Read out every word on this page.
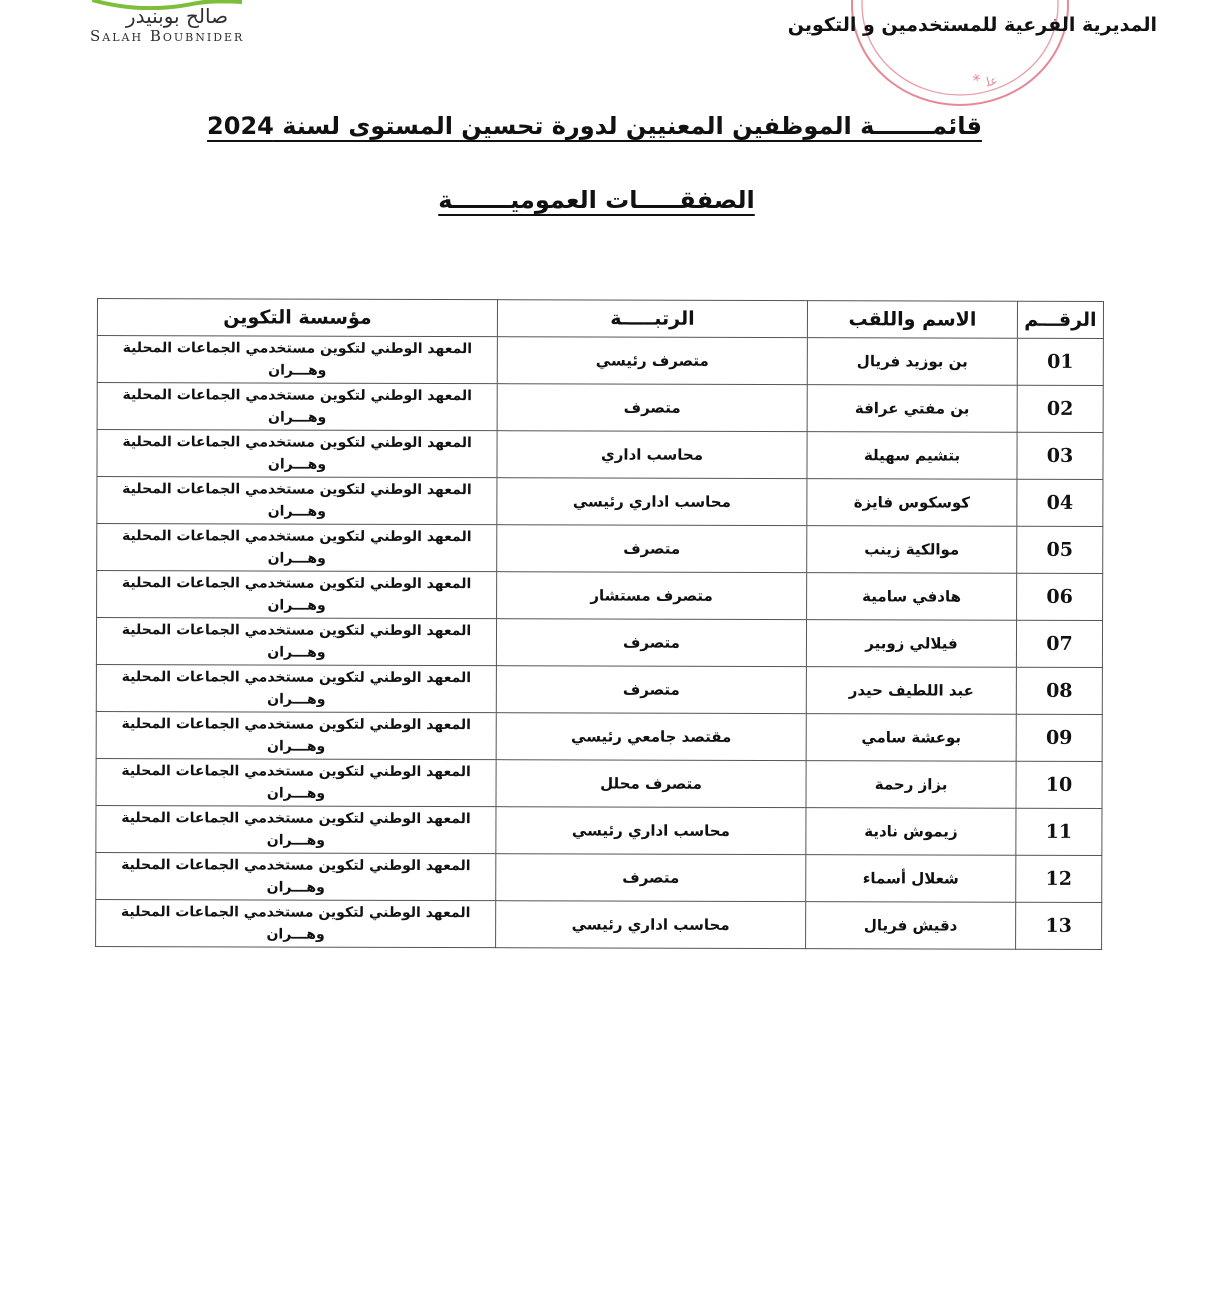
صالح بوبنيدر
Salah Boubnider
* ﻋﻠ
المديرية الفرعية للمستخدمين و التكوين
قائمـــــــة الموظفين المعنيين لدورة تحسين المستوى لسنة 2024
الصفقـــــات العموميـــــــة
الرقـــم	الاسم واللقب	الرتبـــــة	مؤسسة التكوين
01	بن بوزيد فريال	متصرف رئيسي	المعهد الوطني لتكوين مستخدمي الجماعات المحلية
وهـــران

02	بن مفتي عرافة	متصرف	المعهد الوطني لتكوين مستخدمي الجماعات المحلية
وهـــران

03	بتشيم سهيلة	محاسب اداري	المعهد الوطني لتكوين مستخدمي الجماعات المحلية
وهـــران

04	كوسكوس فايزة	محاسب اداري رئيسي	المعهد الوطني لتكوين مستخدمي الجماعات المحلية
وهـــران

05	موالكية زينب	متصرف	المعهد الوطني لتكوين مستخدمي الجماعات المحلية
وهـــران

06	هادفي سامية	متصرف مستشار	المعهد الوطني لتكوين مستخدمي الجماعات المحلية
وهـــران

07	فيلالي زوبير	متصرف	المعهد الوطني لتكوين مستخدمي الجماعات المحلية
وهـــران

08	عبد اللطيف حيدر	متصرف	المعهد الوطني لتكوين مستخدمي الجماعات المحلية
وهـــران

09	بوعشة سامي	مقتصد جامعي رئيسي	المعهد الوطني لتكوين مستخدمي الجماعات المحلية
وهـــران

10	بزاز رحمة	متصرف محلل	المعهد الوطني لتكوين مستخدمي الجماعات المحلية
وهـــران

11	زيموش نادية	محاسب اداري رئيسي	المعهد الوطني لتكوين مستخدمي الجماعات المحلية
وهـــران

12	شعلال أسماء	متصرف	المعهد الوطني لتكوين مستخدمي الجماعات المحلية
وهـــران

13	دقيش فريال	محاسب اداري رئيسي	المعهد الوطني لتكوين مستخدمي الجماعات المحلية
وهـــران
